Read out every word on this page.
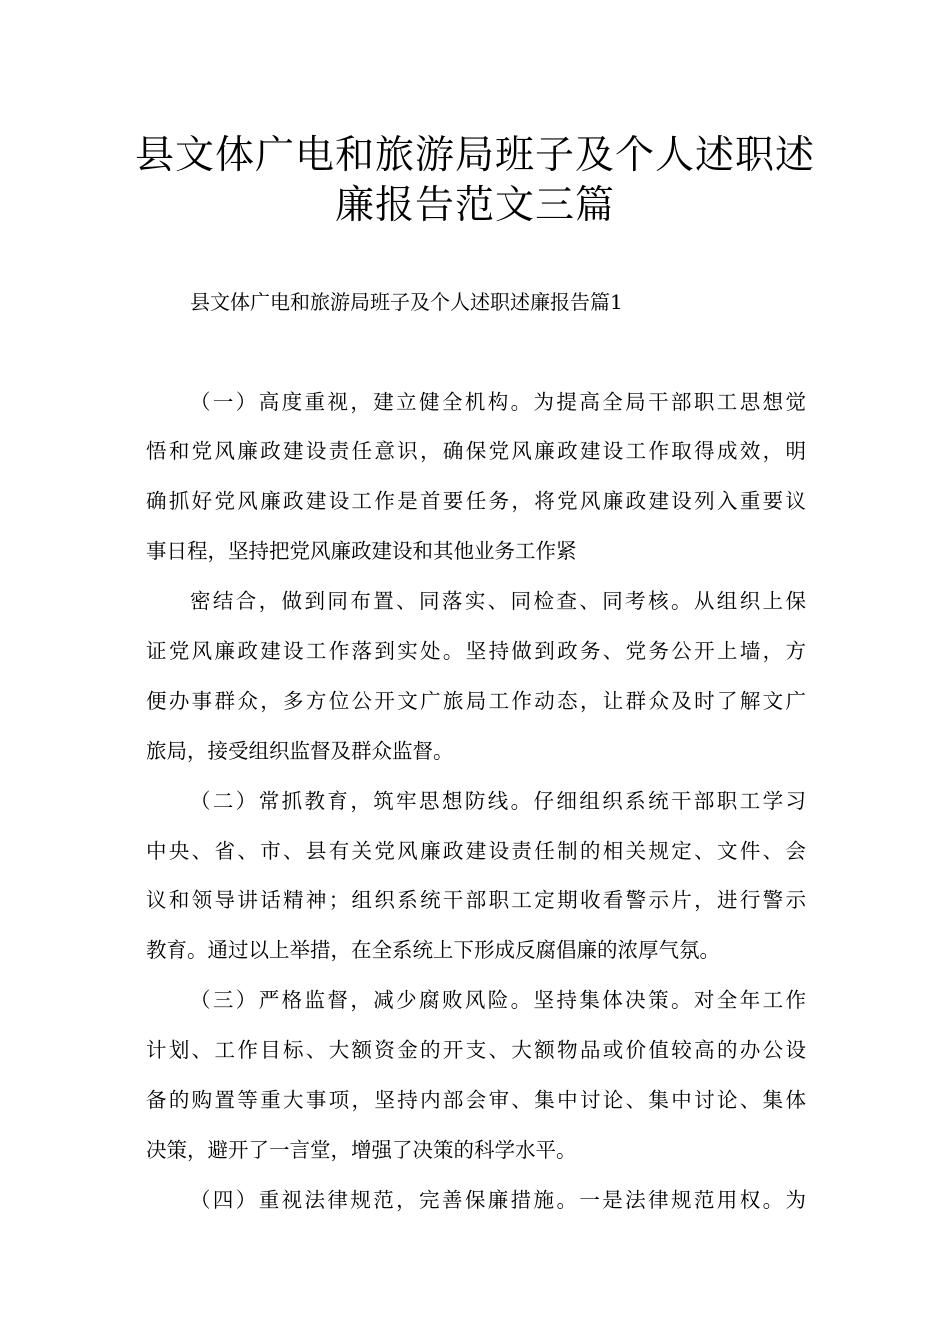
县文体广电和旅游局班子及个人述职述
廉报告范文三篇
县文体广电和旅游局班子及个人述职述廉报告篇1
（一）高度重视，建立健全机构。为提高全局干部职工思想觉
悟和党风廉政建设责任意识，确保党风廉政建设工作取得成效，明
确抓好党风廉政建设工作是首要任务，将党风廉政建设列入重要议
事日程，坚持把党风廉政建设和其他业务工作紧
密结合，做到同布置、同落实、同检查、同考核。从组织上保
证党风廉政建设工作落到实处。坚持做到政务、党务公开上墙，方
便办事群众，多方位公开文广旅局工作动态，让群众及时了解文广
旅局，接受组织监督及群众监督。
（二）常抓教育，筑牢思想防线。仔细组织系统干部职工学习
中央、省、市、县有关党风廉政建设责任制的相关规定、文件、会
议和领导讲话精神；组织系统干部职工定期收看警示片，进行警示
教育。通过以上举措，在全系统上下形成反腐倡廉的浓厚气氛。
（三）严格监督，减少腐败风险。坚持集体决策。对全年工作
计划、工作目标、大额资金的开支、大额物品或价值较高的办公设
备的购置等重大事项，坚持内部会审、集中讨论、集中讨论、集体
决策，避开了一言堂，增强了决策的科学水平。
（四）重视法律规范，完善保廉措施。一是法律规范用权。为
